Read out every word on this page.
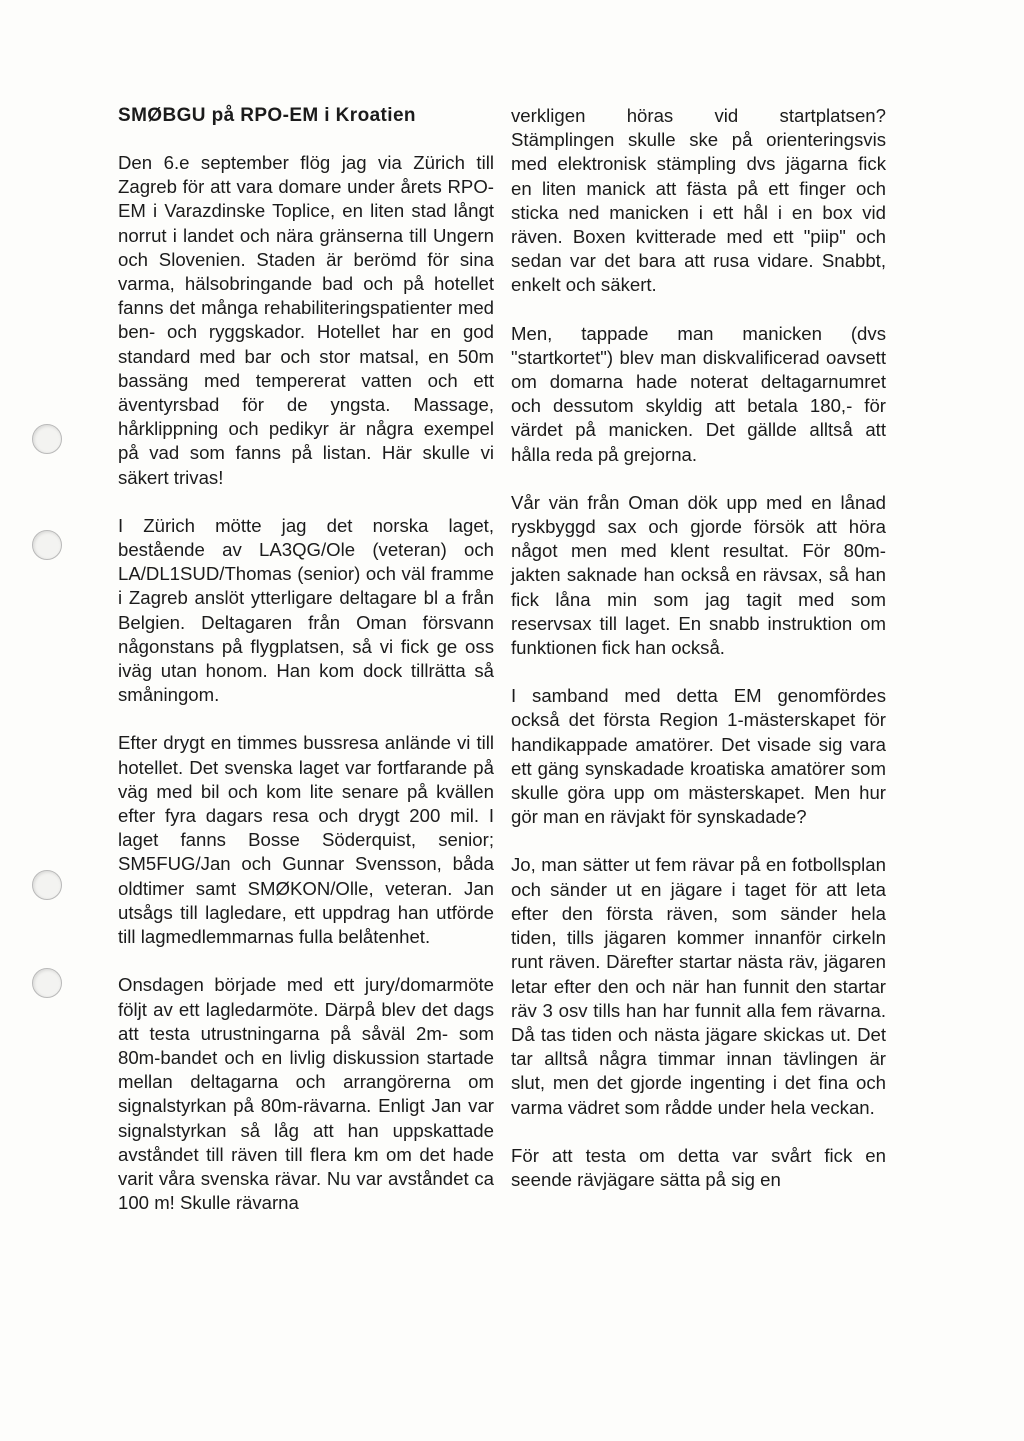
SMØBGU på RPO-EM i Kroatien

Den 6.e september flög jag via Zürich till Zagreb för att vara domare under årets RPO-EM i Varazdinske Toplice, en liten stad långt norrut i landet och nära gränserna till Ungern och Slovenien. Staden är berömd för sina varma, hälsobringande bad och på hotellet fanns det många rehabiliteringspatienter med ben- och ryggskador. Hotellet har en god standard med bar och stor matsal, en 50m bassäng med tempererat vatten och ett äventyrsbad för de yngsta. Massage, hårklippning och pedikyr är några exempel på vad som fanns på listan. Här skulle vi säkert trivas!

I Zürich mötte jag det norska laget, bestående av LA3QG/Ole (veteran) och LA/DL1SUD/Thomas (senior) och väl framme i Zagreb anslöt ytterligare deltagare bl a från Belgien. Deltagaren från Oman försvann någonstans på flygplatsen, så vi fick ge oss iväg utan honom. Han kom dock tillrätta så småningom.

Efter drygt en timmes bussresa anlände vi till hotellet. Det svenska laget var fortfarande på väg med bil och kom lite senare på kvällen efter fyra dagars resa och drygt 200 mil. I laget fanns Bosse Söderquist, senior; SM5FUG/Jan och Gunnar Svensson, båda oldtimer samt SMØKON/Olle, veteran. Jan utsågs till lagledare, ett uppdrag han utförde till lagmedlemmarnas fulla belåtenhet.

Onsdagen började med ett jury/domarmöte följt av ett lagledarmöte. Därpå blev det dags att testa utrustningarna på såväl 2m- som 80m-bandet och en livlig diskussion startade mellan deltagarna och arrangörerna om signalstyrkan på 80m-rävarna. Enligt Jan var signalstyrkan så låg att han uppskattade avståndet till räven till flera km om det hade varit våra svenska rävar. Nu var avståndet ca 100 m! Skulle rävarna

verkligen höras vid startplatsen? Stämplingen skulle ske på orienteringsvis med elektronisk stämpling dvs jägarna fick en liten manick att fästa på ett finger och sticka ned manicken i ett hål i en box vid räven. Boxen kvitterade med ett "piip" och sedan var det bara att rusa vidare. Snabbt, enkelt och säkert.

Men, tappade man manicken (dvs "startkortet") blev man diskvalificerad oavsett om domarna hade noterat deltagarnumret och dessutom skyldig att betala 180,- för värdet på manicken. Det gällde alltså att hålla reda på grejorna.

Vår vän från Oman dök upp med en lånad ryskbyggd sax och gjorde försök att höra något men med klent resultat. För 80m-jakten saknade han också en rävsax, så han fick låna min som jag tagit med som reservsax till laget. En snabb instruktion om funktionen fick han också.

I samband med detta EM genomfördes också det första Region 1-mästerskapet för handikappade amatörer. Det visade sig vara ett gäng synskadade kroatiska amatörer som skulle göra upp om mästerskapet. Men hur gör man en rävjakt för synskadade?

Jo, man sätter ut fem rävar på en fotbollsplan och sänder ut en jägare i taget för att leta efter den första räven, som sänder hela tiden, tills jägaren kommer innanför cirkeln runt räven. Därefter startar nästa räv, jägaren letar efter den och när han funnit den startar räv 3 osv tills han har funnit alla fem rävarna. Då tas tiden och nästa jägare skickas ut. Det tar alltså några timmar innan tävlingen är slut, men det gjorde ingenting i det fina och varma vädret som rådde under hela veckan.

För att testa om detta var svårt fick en seende rävjägare sätta på sig en
